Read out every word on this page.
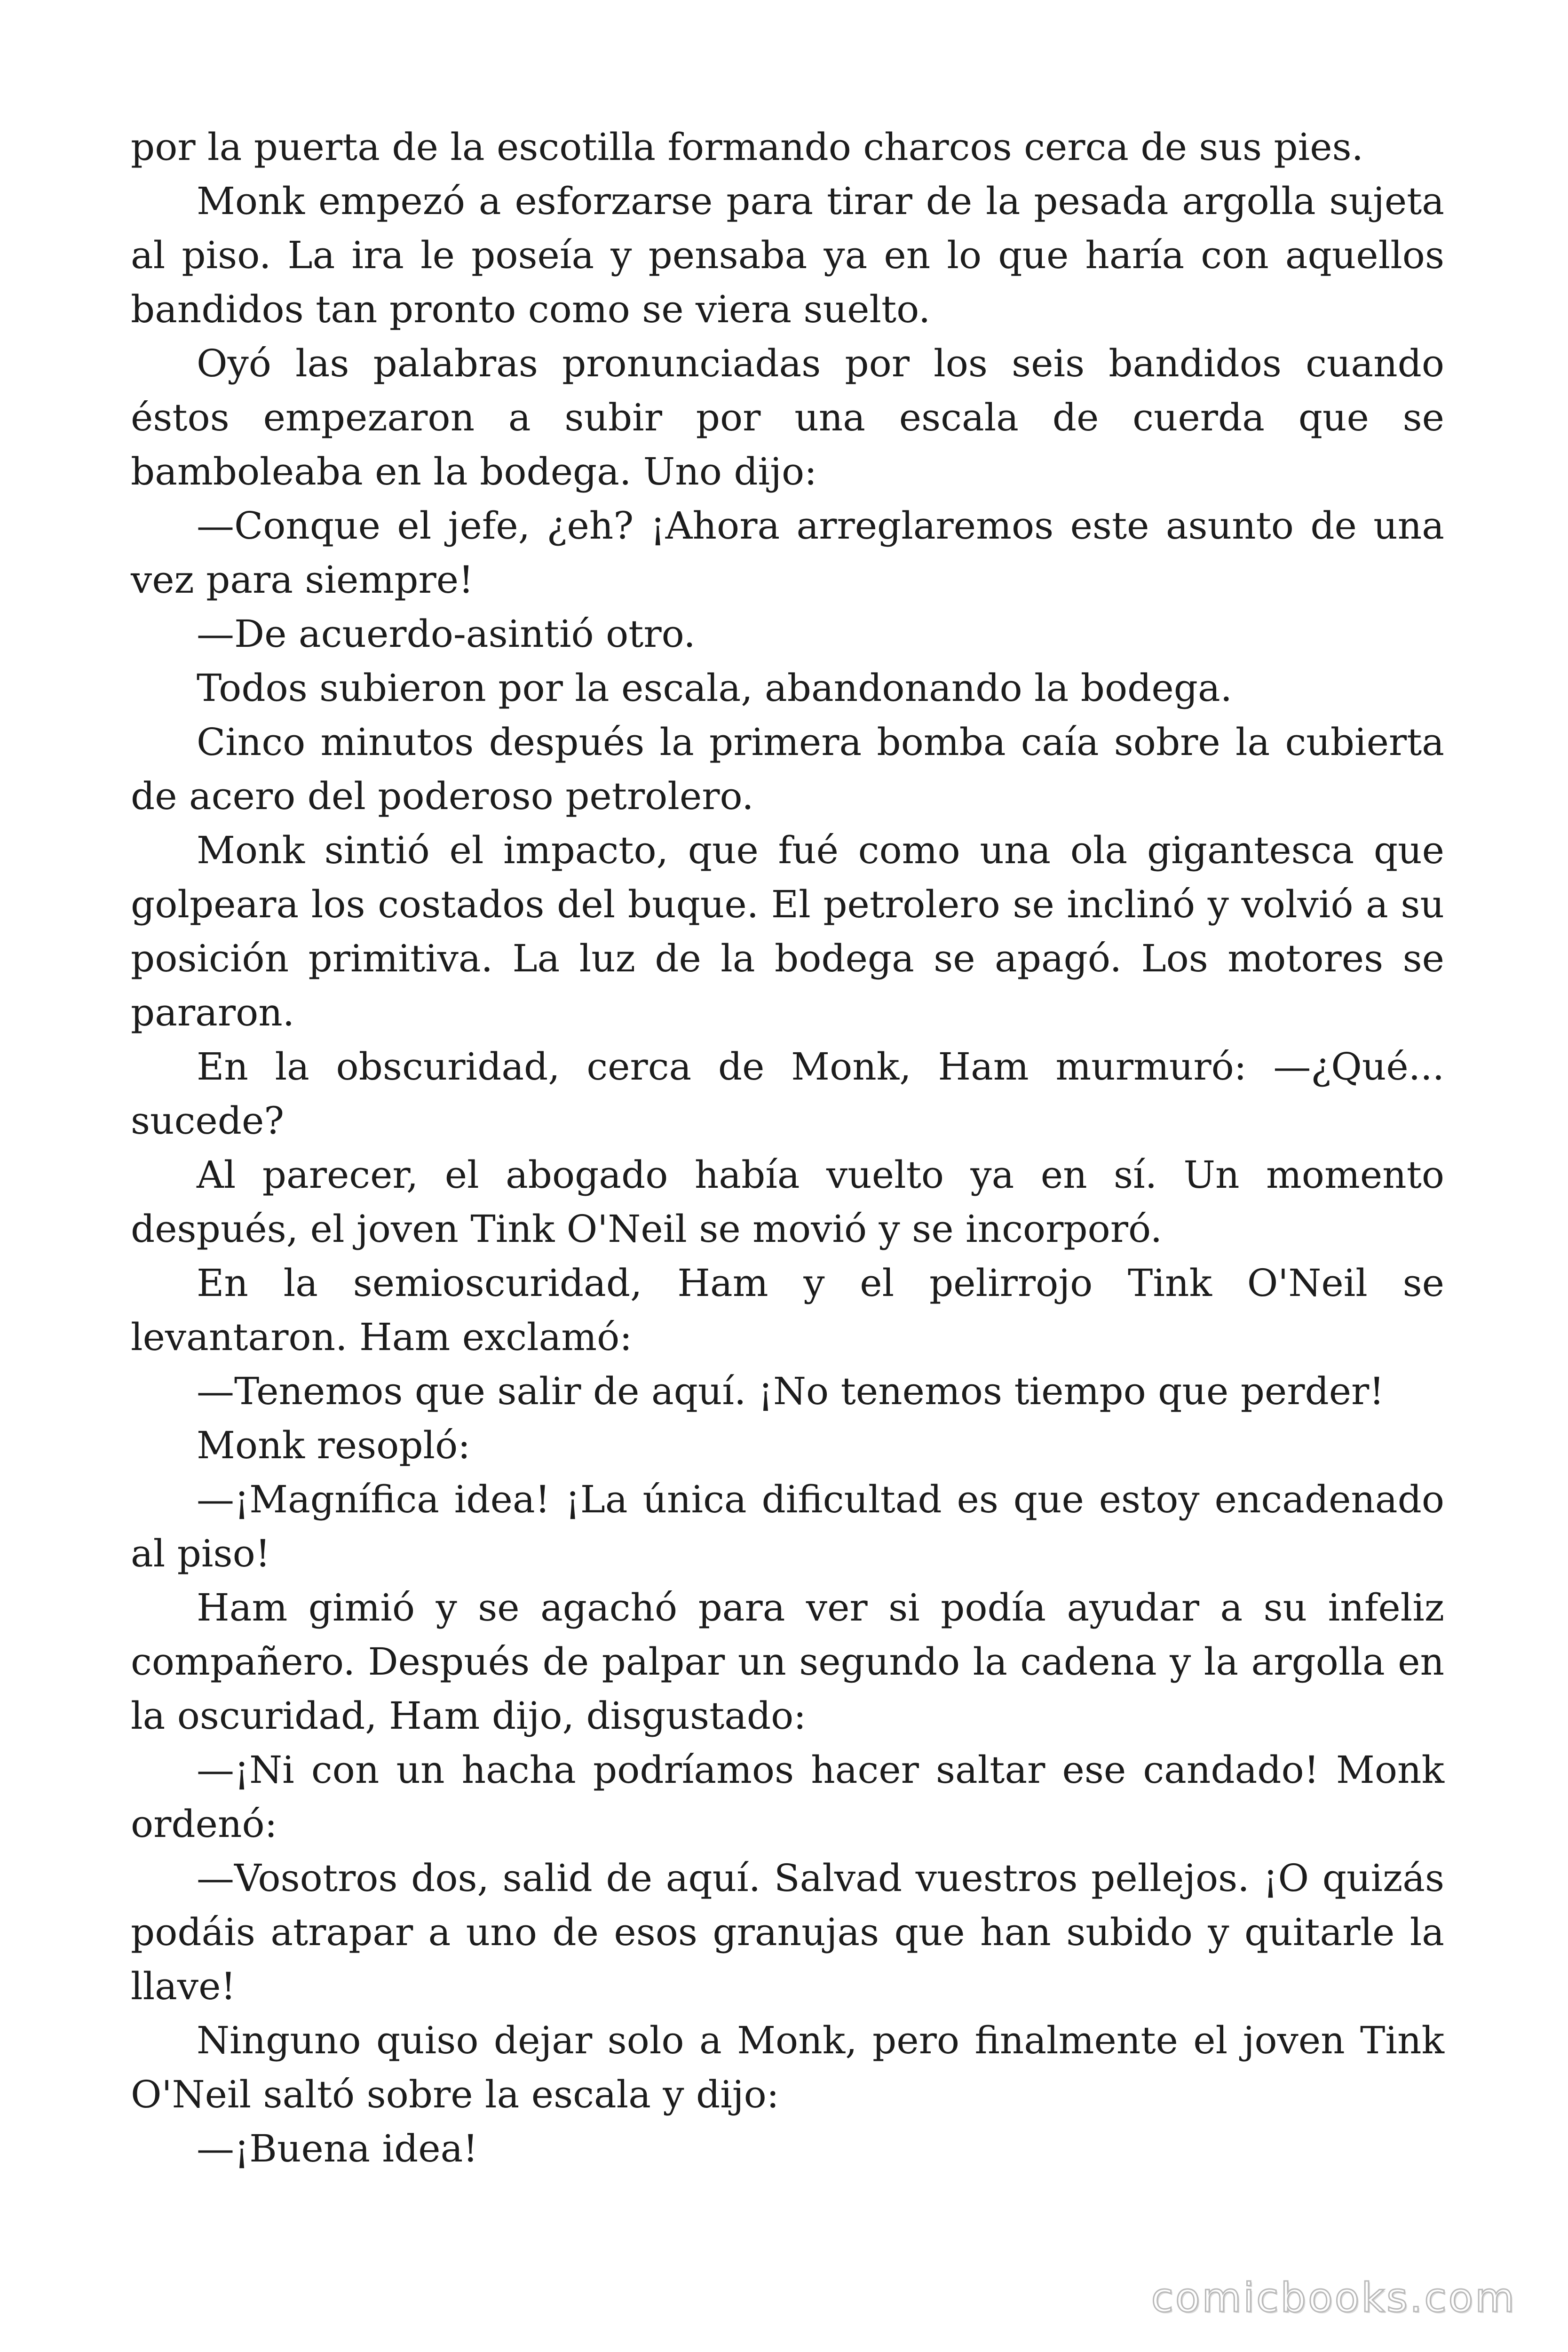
por la puerta de la escotilla formando charcos cerca de sus pies.

Monk empezó a esforzarse para tirar de la pesada argolla sujeta al piso. La ira le poseía y pensaba ya en lo que haría con aquellos bandidos tan pronto como se viera suelto.

Oyó las palabras pronunciadas por los seis bandidos cuando éstos empezaron a subir por una escala de cuerda que se bamboleaba en la bodega. Uno dijo:

—Conque el jefe, ¿eh? ¡Ahora arreglaremos este asunto de una vez para siempre!

—De acuerdo-asintió otro.

Todos subieron por la escala, abandonando la bodega.

Cinco minutos después la primera bomba caía sobre la cubierta de acero del poderoso petrolero.

Monk sintió el impacto, que fué como una ola gigantesca que golpeara los costados del buque. El petrolero se inclinó y volvió a su posición primitiva. La luz de la bodega se apagó. Los motores se pararon.

En la obscuridad, cerca de Monk, Ham murmuró: —¿Qué... sucede?

Al parecer, el abogado había vuelto ya en sí. Un momento después, el joven Tink O'Neil se movió y se incorporó.

En la semioscuridad, Ham y el pelirrojo Tink O'Neil se levantaron. Ham exclamó:

—Tenemos que salir de aquí. ¡No tenemos tiempo que perder!

Monk resopló:

—¡Magnífica idea! ¡La única dificultad es que estoy encadenado al piso!

Ham gimió y se agachó para ver si podía ayudar a su infeliz compañero. Después de palpar un segundo la cadena y la argolla en la oscuridad, Ham dijo, disgustado:

—¡Ni con un hacha podríamos hacer saltar ese candado! Monk ordenó:

—Vosotros dos, salid de aquí. Salvad vuestros pellejos. ¡O quizás podáis atrapar a uno de esos granujas que han subido y quitarle la llave!

Ninguno quiso dejar solo a Monk, pero finalmente el joven Tink O'Neil saltó sobre la escala y dijo:

—¡Buena idea!

comicbooks.com
